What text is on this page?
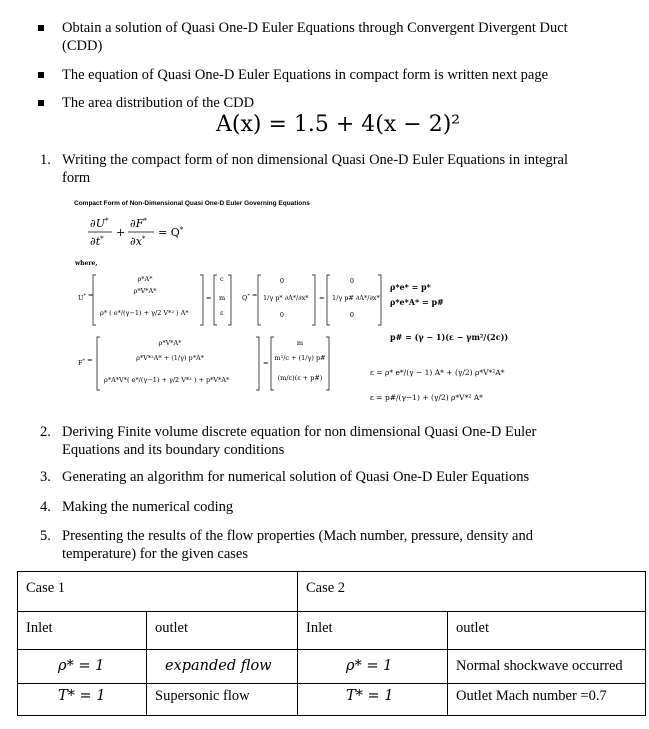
Obtain a solution of Quasi One-D Euler Equations through Convergent Divergent Duct
(CDD)
The equation of Quasi One-D Euler Equations in compact form is written next page
The area distribution of the CDD
A(x) = 1.5 + 4(x − 2)²
1. Writing the compact form of non dimensional Quasi One-D Euler Equations in integral
form
Compact Form of Non-Dimensional Quasi One-D Euler Governing Equations
∂U*
∂t* +
∂F*
∂x* = Q*
where,
U* =
ρ*A*
ρ*V*A*
ρ* ( e*/(γ−1) + γ/2 V*² ) A*
=
c
m
ε
Q* =
0
1/γ p* ∂A*/∂x*
0
=
0
1/γ p# ∂A*/∂x*
0
F* =
ρ*V*A*
ρ*V*²A* + (1/γ) p*A*
ρ*A*V*( e*/(γ−1) + γ/2 V*² ) + p*V*A*
=
m
m²/c + (1/γ) p#
(m/c)(ε + p#)
ρ*e* = p*
ρ*e*A* = p#
p# = (γ − 1)(ε − γm²/(2c))
ε = ρ* e*/(γ − 1) A* + (γ/2) ρ*V*²A*
ε = p#/(γ−1) + (γ/2) ρ*V*² A*
2. Deriving Finite volume discrete equation for non dimensional Quasi One-D Euler
Equations and its boundary conditions
3. Generating an algorithm for numerical solution of Quasi One-D Euler Equations
4. Making the numerical coding
5. Presenting the results of the flow properties (Mach number, pressure, density and
temperature) for the given cases
Case 1		Case 2	
Inlet	outlet	Inlet	outlet
ρ* = 1	expanded flow	ρ* = 1	Normal shockwave occurred
T* = 1	Supersonic flow	T* = 1	Outlet Mach number =0.7
